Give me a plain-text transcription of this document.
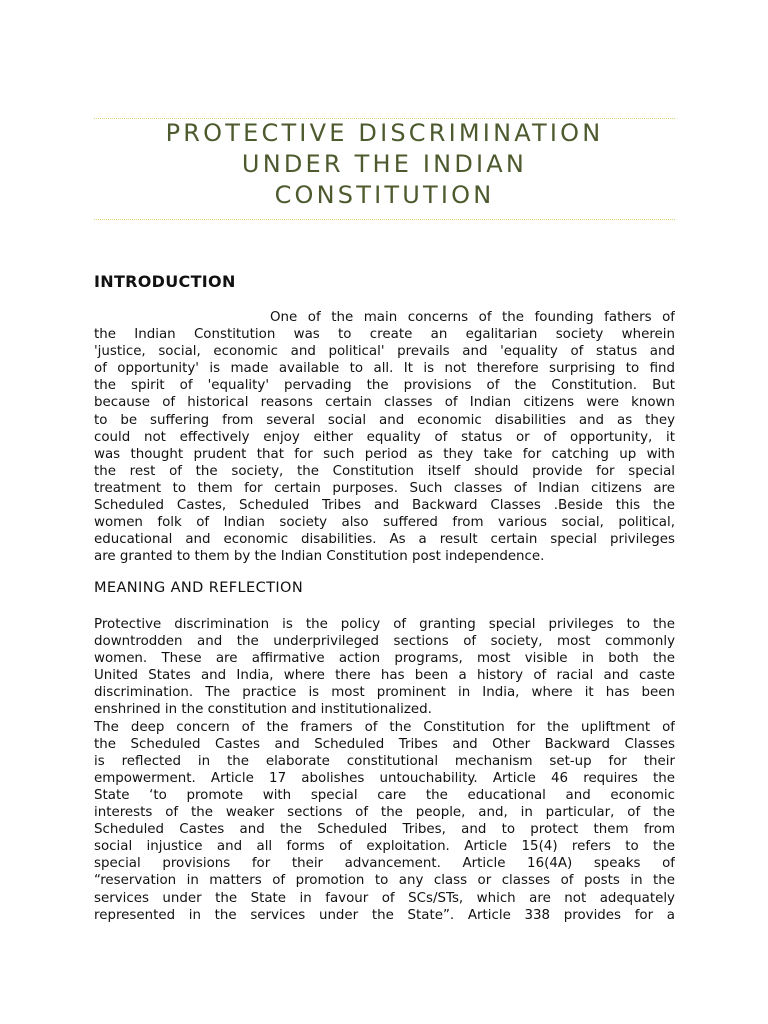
PROTECTIVE DISCRIMINATION
UNDER THE INDIAN
CONSTITUTION
INTRODUCTION
One of the main concerns of the founding fathers of
the Indian Constitution was to create an egalitarian society wherein
'justice, social, economic and political' prevails and 'equality of status and
of opportunity' is made available to all. It is not therefore surprising to find
the spirit of 'equality' pervading the provisions of the Constitution. But
because of historical reasons certain classes of Indian citizens were known
to be suffering from several social and economic disabilities and as they
could not effectively enjoy either equality of status or of opportunity, it
was thought prudent that for such period as they take for catching up with
the rest of the society, the Constitution itself should provide for special
treatment to them for certain purposes. Such classes of Indian citizens are
Scheduled Castes, Scheduled Tribes and Backward Classes .Beside this the
women folk of Indian society also suffered from various social, political,
educational and economic disabilities. As a result certain special privileges
are granted to them by the Indian Constitution post independence.
MEANING AND REFLECTION
Protective discrimination is the policy of granting special privileges to the
downtrodden and the underprivileged sections of society, most commonly
women. These are affirmative action programs, most visible in both the
United States and India, where there has been a history of racial and caste
discrimination. The practice is most prominent in India, where it has been
enshrined in the constitution and institutionalized.
The deep concern of the framers of the Constitution for the upliftment of
the Scheduled Castes and Scheduled Tribes and Other Backward Classes
is reflected in the elaborate constitutional mechanism set-up for their
empowerment. Article 17 abolishes untouchability. Article 46 requires the
State ‘to promote with special care the educational and economic
interests of the weaker sections of the people, and, in particular, of the
Scheduled Castes and the Scheduled Tribes, and to protect them from
social injustice and all forms of exploitation. Article 15(4) refers to the
special provisions for their advancement. Article 16(4A) speaks of
“reservation in matters of promotion to any class or classes of posts in the
services under the State in favour of SCs/STs, which are not adequately
represented in the services under the State”. Article 338 provides for a
